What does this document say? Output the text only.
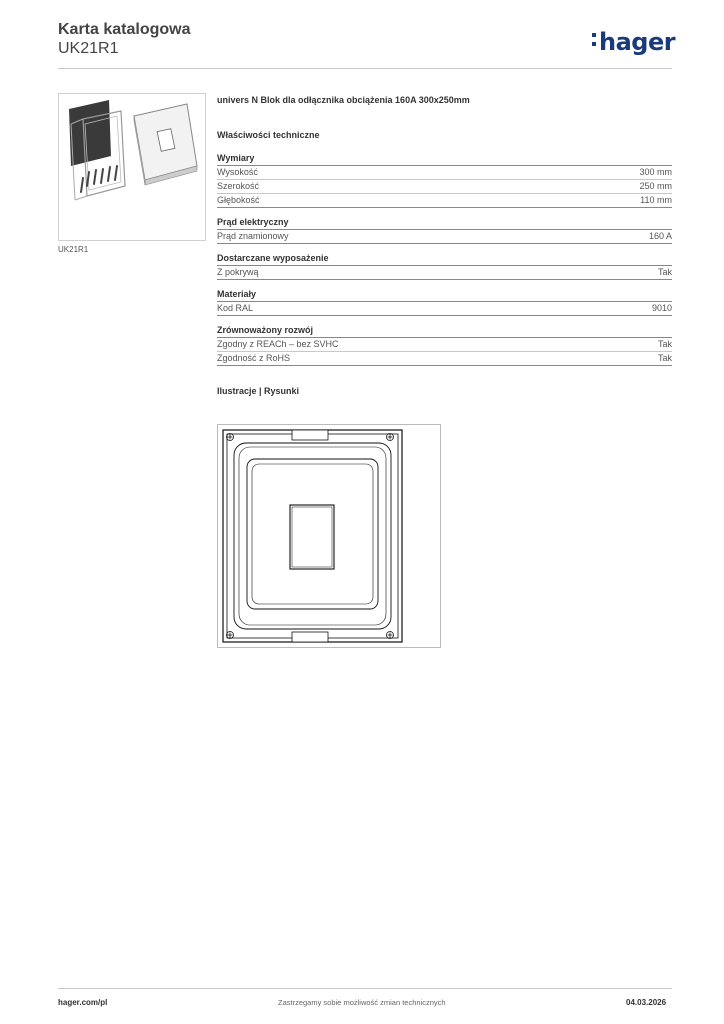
Karta katalogowa
UK21R1	hager
UK21R1
univers N Blok dla odłącznika obciążenia 160A 300x250mm
Właściwości techniczne
Wymiary
Wysokość	300 mm
Szerokość	250 mm
Głębokość	110 mm
Prąd elektryczny
Prąd znamionowy	160 A
Dostarczane wyposażenie
Z pokrywą	Tak
Materiały
Kod RAL	9010
Zrównoważony rozwój
Zgodny z REACh – bez SVHC	Tak
Zgodność z RoHS	Tak
Ilustracje | Rysunki
hager.com/pl	Zastrzegamy sobie możliwość zmian technicznych	04.03.2026
